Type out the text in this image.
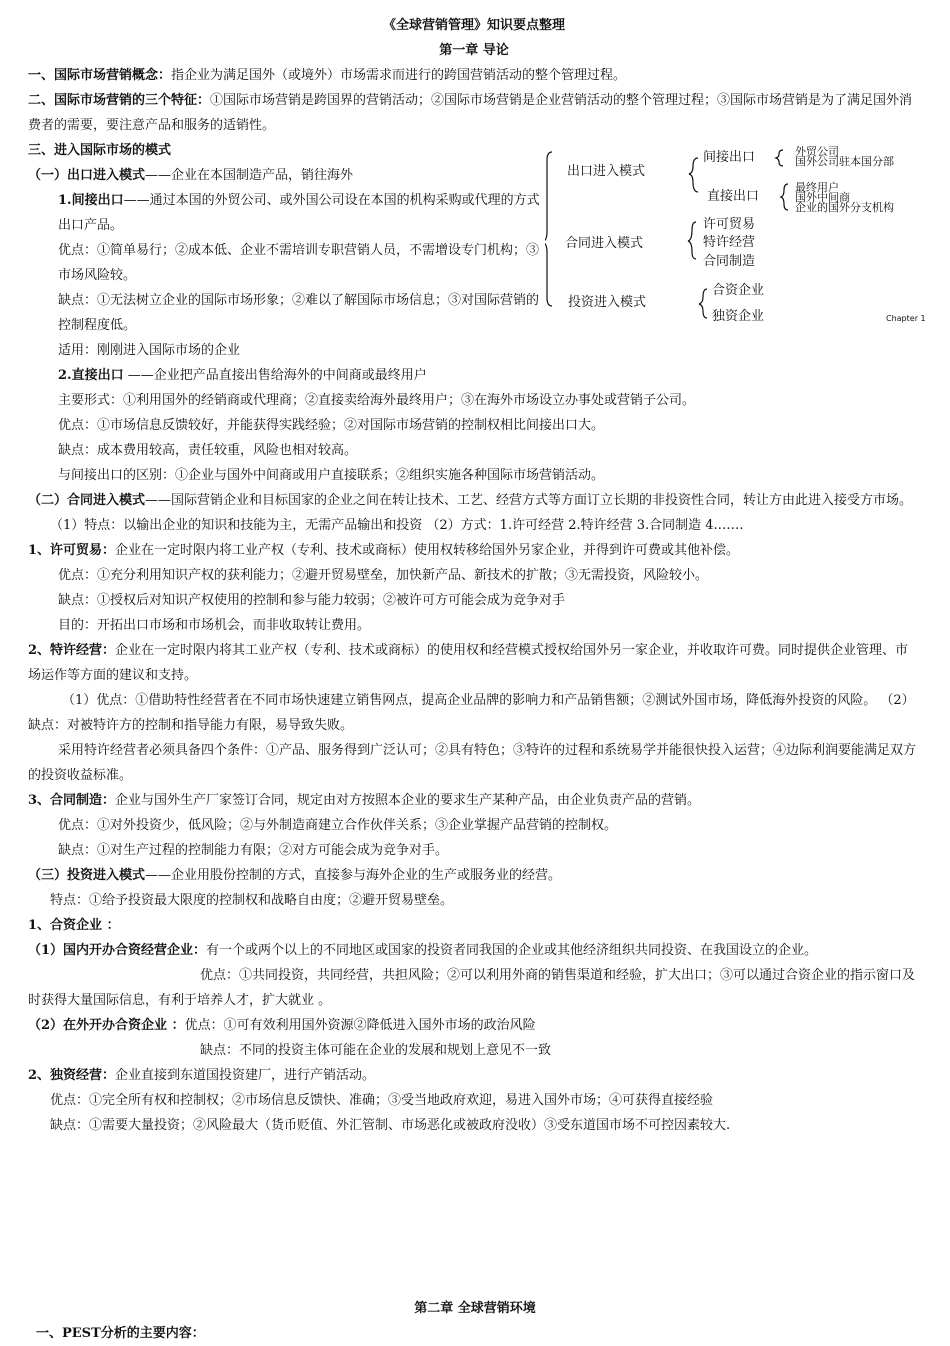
《全球营销管理》知识要点整理

第一章 导论

一、国际市场营销概念：指企业为满足国外（或境外）市场需求而进行的跨国营销活动的整个管理过程。

二、国际市场营销的三个特征：①国际市场营销是跨国界的营销活动；②国际市场营销是企业营销活动的整个管理过程；③国际市场营销是为了满足国外消费者的需要，要注意产品和服务的适销性。

三、进入国际市场的模式

（一）出口进入模式——企业在本国制造产品，销往海外

1.间接出口——通过本国的外贸公司、或外国公司设在本国的机构采购或代理的方式出口产品。

优点：①简单易行；②成本低、企业不需培训专职营销人员，不需增设专门机构；③市场风险较。

缺点：①无法树立企业的国际市场形象；②难以了解国际市场信息；③对国际营销的控制程度低。

适用：刚刚进入国际市场的企业

2.直接出口 ——企业把产品直接出售给海外的中间商或最终用户

主要形式：①利用国外的经销商或代理商；②直接卖给海外最终用户；③在海外市场设立办事处或营销子公司。

优点：①市场信息反馈较好，并能获得实践经验；②对国际市场营销的控制权相比间接出口大。

缺点：成本费用较高，责任较重，风险也相对较高。

与间接出口的区别：①企业与国外中间商或用户直接联系；②组织实施各种国际市场营销活动。

（二）合同进入模式——国际营销企业和目标国家的企业之间在转让技术、工艺、经营方式等方面订立长期的非投资性合同，转让方由此进入接受方市场。

（1）特点：以输出企业的知识和技能为主，无需产品输出和投资 （2）方式：1.许可经营 2.特许经营 3.合同制造 4.……

1、许可贸易：企业在一定时限内将工业产权（专利、技术或商标）使用权转移给国外另家企业，并得到许可费或其他补偿。

优点：①充分利用知识产权的获利能力；②避开贸易壁垒，加快新产品、新技术的扩散；③无需投资，风险较小。

缺点：①授权后对知识产权使用的控制和参与能力较弱；②被许可方可能会成为竞争对手

目的：开拓出口市场和市场机会，而非收取转让费用。

2、特许经营：企业在一定时限内将其工业产权（专利、技术或商标）的使用权和经营模式授权给国外另一家企业，并收取许可费。同时提供企业管理、市场运作等方面的建议和支持。

（1）优点：①借助特性经营者在不同市场快速建立销售网点，提高企业品牌的影响力和产品销售额；②测试外国市场，降低海外投资的风险。 （2）缺点：对被特许方的控制和指导能力有限，易导致失败。

采用特许经营者必须具备四个条件：①产品、服务得到广泛认可；②具有特色；③特许的过程和系统易学并能很快投入运营；④边际利润要能满足双方的投资收益标准。

3、合同制造：企业与国外生产厂家签订合同，规定由对方按照本企业的要求生产某种产品，由企业负责产品的营销。

优点：①对外投资少，低风险；②与外制造商建立合作伙伴关系；③企业掌握产品营销的控制权。

缺点：①对生产过程的控制能力有限；②对方可能会成为竞争对手。

（三）投资进入模式——企业用股份控制的方式，直接参与海外企业的生产或服务业的经营。

特点：①给予投资最大限度的控制权和战略自由度；②避开贸易壁垒。

1、合资企业 ：

（1）国内开办合资经营企业：有一个或两个以上的不同地区或国家的投资者同我国的企业或其他经济组织共同投资、在我国设立的企业。

优点：①共同投资，共同经营，共担风险；②可以利用外商的销售渠道和经验，扩大出口；③可以通过合资企业的指示窗口及时获得大量国际信息，有利于培养人才，扩大就业 。

（2）在外开办合资企业 ：优点：①可有效利用国外资源②降低进入国外市场的政治风险

缺点：不同的投资主体可能在企业的发展和规划上意见不一致

2、独资经营：企业直接到东道国投资建厂，进行产销活动。

优点：①完全所有权和控制权；②市场信息反馈快、准确；③受当地政府欢迎，易进入国外市场；④可获得直接经验

缺点：①需要大量投资；②风险最大（货币贬值、外汇管制、市场恶化或被政府没收）③受东道国市场不可控因素较大.

出口进入模式
间接出口	外贸公司
国外公司驻本国分部
直接出口
最终用户
国外中间商
企业的国外分支机构
合同进入模式
许可贸易
特许经营
合同制造
投资进入模式
合资企业
独资企业	Chapter 1

第二章 全球营销环境

一、PEST分析的主要内容：
